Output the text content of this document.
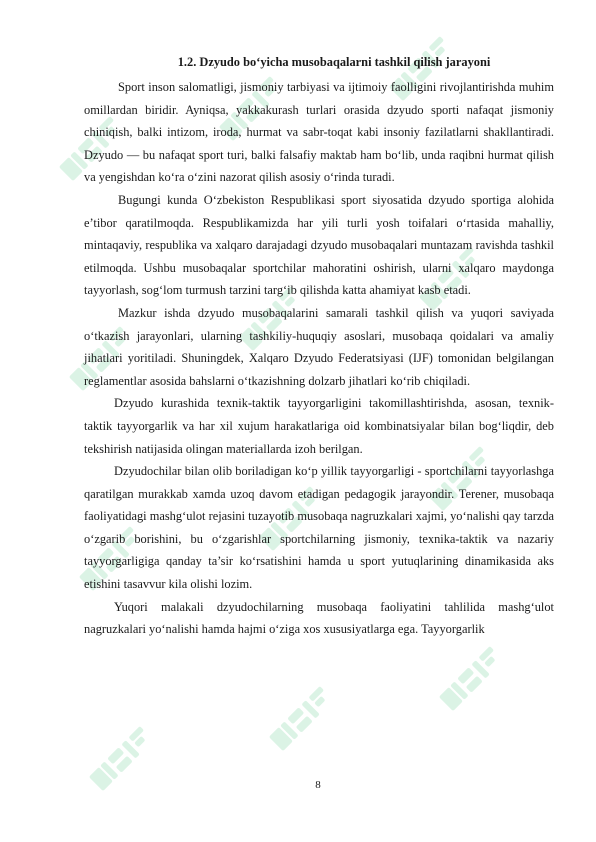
1.2. Dzyudo bo‘yicha musobaqalarni tashkil qilish jarayoni

Sport inson salomatligi, jismoniy tarbiyasi va ijtimoiy faolligini rivojlantirishda muhim omillardan biridir. Ayniqsa, yakkakurash turlari orasida dzyudo sporti nafaqat jismoniy chiniqish, balki intizom, iroda, hurmat va sabr-toqat kabi insoniy fazilatlarni shakllantiradi. Dzyudo — bu nafaqat sport turi, balki falsafiy maktab ham bo‘lib, unda raqibni hurmat qilish va yengishdan ko‘ra o‘zini nazorat qilish asosiy o‘rinda turadi.

Bugungi kunda O‘zbekiston Respublikasi sport siyosatida dzyudo sportiga alohida e’tibor qaratilmoqda. Respublikamizda har yili turli yosh toifalari o‘rtasida mahalliy, mintaqaviy, respublika va xalqaro darajadagi dzyudo musobaqalari muntazam ravishda tashkil etilmoqda. Ushbu musobaqalar sportchilar mahoratini oshirish, ularni xalqaro maydonga tayyorlash, sog‘lom turmush tarzini targ‘ib qilishda katta ahamiyat kasb etadi.

Mazkur ishda dzyudo musobaqalarini samarali tashkil qilish va yuqori saviyada o‘tkazish jarayonlari, ularning tashkiliy-huquqiy asoslari, musobaqa qoidalari va amaliy jihatlari yoritiladi. Shuningdek, Xalqaro Dzyudo Federatsiyasi (IJF) tomonidan belgilangan reglamentlar asosida bahslarni o‘tkazishning dolzarb jihatlari ko‘rib chiqiladi.

Dzyudo kurashida texnik-taktik tayyorgarligini takomillashtirishda, asosan, texnik-taktik tayyorgarlik va har xil xujum harakatlariga oid kombinatsiyalar bilan bog‘liqdir, deb tekshirish natijasida olingan materiallarda izoh berilgan.

Dzyudochilar bilan olib boriladigan ko‘p yillik tayyorgarligi - sportchilarni tayyorlashga qaratilgan murakkab xamda uzoq davom etadigan pedagogik jarayondir. Terener, musobaqa faoliyatidagi mashg‘ulot rejasini tuzayotib musobaqa nagruzkalari xajmi, yo‘nalishi qay tarzda o‘zgarib borishini, bu o‘zgarishlar sportchilarning jismoniy, texnika-taktik va nazariy tayyorgarligiga qanday ta’sir ko‘rsatishini hamda u sport yutuqlarining dinamikasida aks etishini tasavvur kila olishi lozim.

Yuqori malakali dzyudochilarning musobaqa faoliyatini tahlilida mashg‘ulot nagruzkalari yo‘nalishi hamda hajmi o‘ziga xos xususiyatlarga ega. Tayyorgarlik

8
